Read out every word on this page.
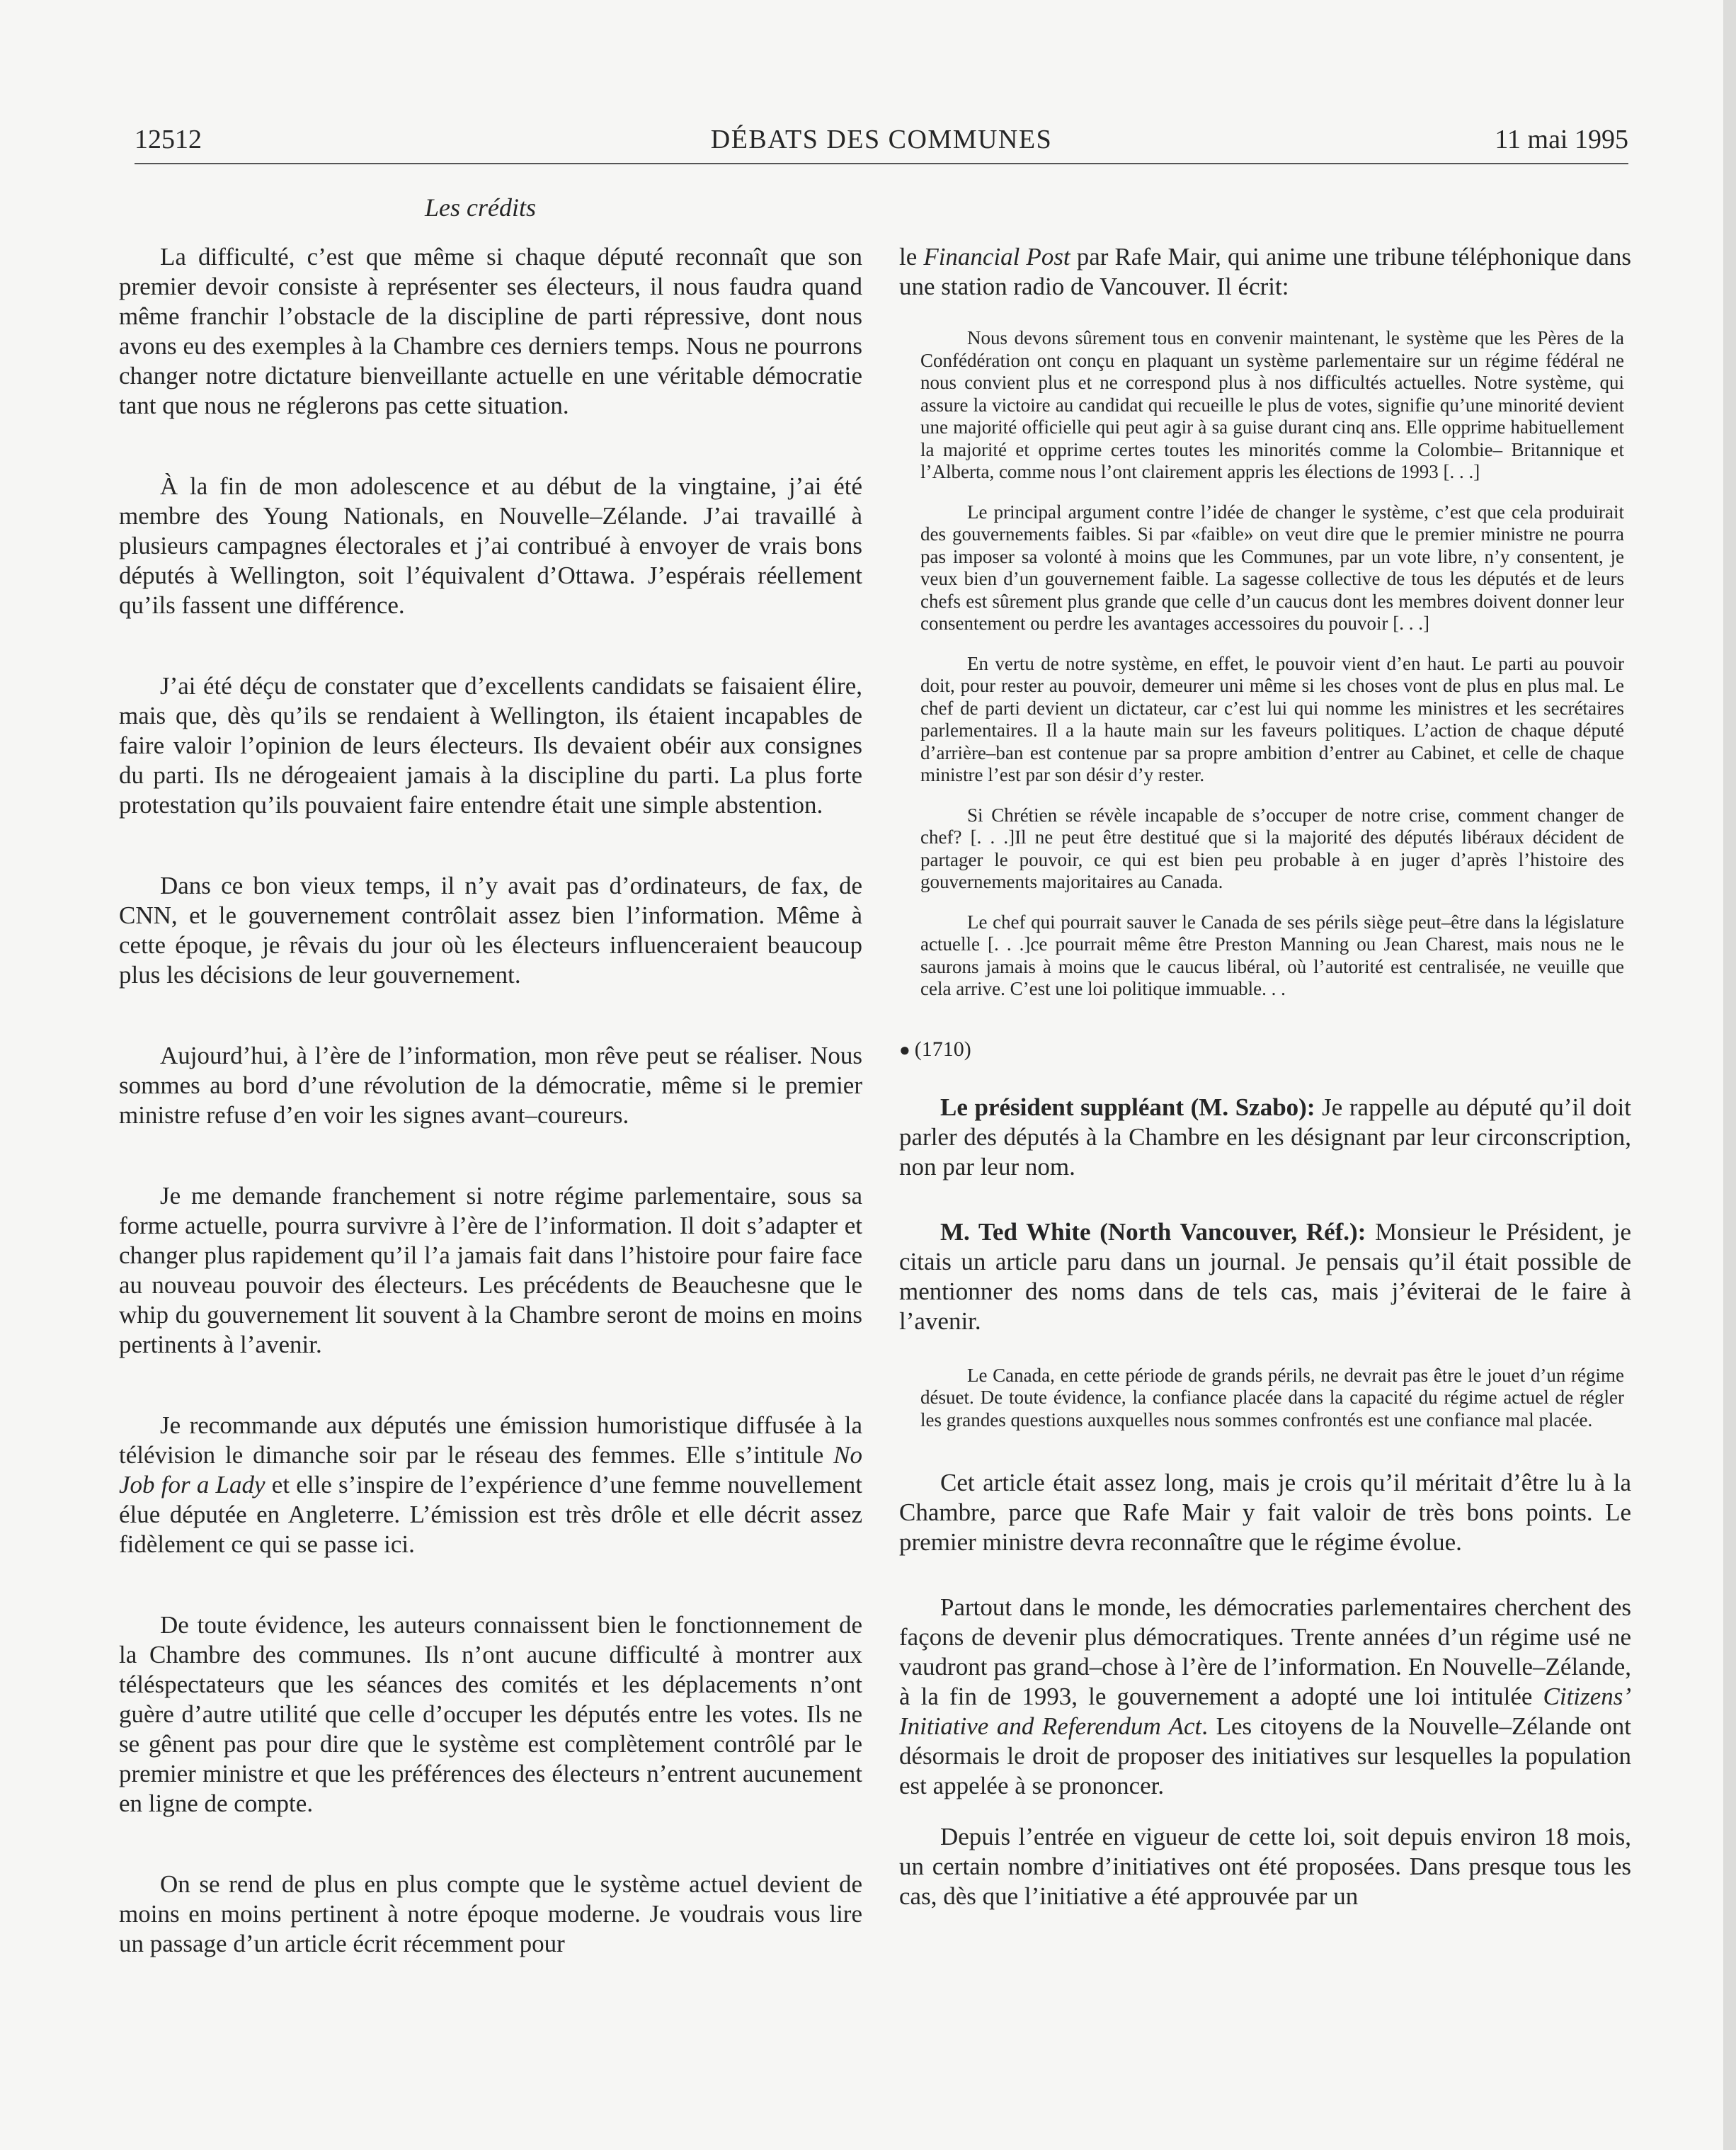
12512	DÉBATS DES COMMUNES	11 mai 1995
Les crédits

La difficulté, c’est que même si chaque député reconnaît que son premier devoir consiste à représenter ses électeurs, il nous faudra quand même franchir l’obstacle de la discipline de parti répressive, dont nous avons eu des exemples à la Chambre ces derniers temps. Nous ne pourrons changer notre dictature bienveillante actuelle en une véritable démocratie tant que nous ne réglerons pas cette situation.

À la fin de mon adolescence et au début de la vingtaine, j’ai été membre des Young Nationals, en Nouvelle–Zélande. J’ai travaillé à plusieurs campagnes électorales et j’ai contribué à envoyer de vrais bons députés à Wellington, soit l’équivalent d’Ottawa. J’espérais réellement qu’ils fassent une différence.

J’ai été déçu de constater que d’excellents candidats se faisaient élire, mais que, dès qu’ils se rendaient à Wellington, ils étaient incapables de faire valoir l’opinion de leurs électeurs. Ils devaient obéir aux consignes du parti. Ils ne dérogeaient jamais à la discipline du parti. La plus forte protestation qu’ils pouvaient faire entendre était une simple abstention.

Dans ce bon vieux temps, il n’y avait pas d’ordinateurs, de fax, de CNN, et le gouvernement contrôlait assez bien l’information. Même à cette époque, je rêvais du jour où les électeurs influenceraient beaucoup plus les décisions de leur gouvernement.

Aujourd’hui, à l’ère de l’information, mon rêve peut se réaliser. Nous sommes au bord d’une révolution de la démocratie, même si le premier ministre refuse d’en voir les signes avant–coureurs.

Je me demande franchement si notre régime parlementaire, sous sa forme actuelle, pourra survivre à l’ère de l’information. Il doit s’adapter et changer plus rapidement qu’il l’a jamais fait dans l’histoire pour faire face au nouveau pouvoir des électeurs. Les précédents de Beauchesne que le whip du gouvernement lit souvent à la Chambre seront de moins en moins pertinents à l’avenir.

Je recommande aux députés une émission humoristique diffusée à la télévision le dimanche soir par le réseau des femmes. Elle s’intitule No Job for a Lady et elle s’inspire de l’expérience d’une femme nouvellement élue députée en Angleterre. L’émission est très drôle et elle décrit assez fidèlement ce qui se passe ici.

De toute évidence, les auteurs connaissent bien le fonctionnement de la Chambre des communes. Ils n’ont aucune difficulté à montrer aux téléspectateurs que les séances des comités et les déplacements n’ont guère d’autre utilité que celle d’occuper les députés entre les votes. Ils ne se gênent pas pour dire que le système est complètement contrôlé par le premier ministre et que les préférences des électeurs n’entrent aucunement en ligne de compte.

On se rend de plus en plus compte que le système actuel devient de moins en moins pertinent à notre époque moderne. Je voudrais vous lire un passage d’un article écrit récemment pour

le Financial Post par Rafe Mair, qui anime une tribune téléphonique dans une station radio de Vancouver. Il écrit:

Nous devons sûrement tous en convenir maintenant, le système que les Pères de la Confédération ont conçu en plaquant un système parlementaire sur un régime fédéral ne nous convient plus et ne correspond plus à nos difficultés actuelles. Notre système, qui assure la victoire au candidat qui recueille le plus de votes, signifie qu’une minorité devient une majorité officielle qui peut agir à sa guise durant cinq ans. Elle opprime habituellement la majorité et opprime certes toutes les minorités comme la Colombie– Britannique et l’Alberta, comme nous l’ont clairement appris les élections de 1993 [. . .]

Le principal argument contre l’idée de changer le système, c’est que cela produirait des gouvernements faibles. Si par «faible» on veut dire que le premier ministre ne pourra pas imposer sa volonté à moins que les Communes, par un vote libre, n’y consentent, je veux bien d’un gouvernement faible. La sagesse collective de tous les députés et de leurs chefs est sûrement plus grande que celle d’un caucus dont les membres doivent donner leur consentement ou perdre les avantages accessoires du pouvoir [. . .]

En vertu de notre système, en effet, le pouvoir vient d’en haut. Le parti au pouvoir doit, pour rester au pouvoir, demeurer uni même si les choses vont de plus en plus mal. Le chef de parti devient un dictateur, car c’est lui qui nomme les ministres et les secrétaires parlementaires. Il a la haute main sur les faveurs politiques. L’action de chaque député d’arrière–ban est contenue par sa propre ambition d’entrer au Cabinet, et celle de chaque ministre l’est par son désir d’y rester.

Si Chrétien se révèle incapable de s’occuper de notre crise, comment changer de chef? [. . .]Il ne peut être destitué que si la majorité des députés libéraux décident de partager le pouvoir, ce qui est bien peu probable à en juger d’après l’histoire des gouvernements majoritaires au Canada.

Le chef qui pourrait sauver le Canada de ses périls siège peut–être dans la législature actuelle [. . .]ce pourrait même être Preston Manning ou Jean Charest, mais nous ne le saurons jamais à moins que le caucus libéral, où l’autorité est centralisée, ne veuille que cela arrive. C’est une loi politique immuable. . .

● (1710)

Le président suppléant (M. Szabo): Je rappelle au député qu’il doit parler des députés à la Chambre en les désignant par leur circonscription, non par leur nom.

M. Ted White (North Vancouver, Réf.): Monsieur le Président, je citais un article paru dans un journal. Je pensais qu’il était possible de mentionner des noms dans de tels cas, mais j’éviterai de le faire à l’avenir.

Le Canada, en cette période de grands périls, ne devrait pas être le jouet d’un régime désuet. De toute évidence, la confiance placée dans la capacité du régime actuel de régler les grandes questions auxquelles nous sommes confrontés est une confiance mal placée.

Cet article était assez long, mais je crois qu’il méritait d’être lu à la Chambre, parce que Rafe Mair y fait valoir de très bons points. Le premier ministre devra reconnaître que le régime évolue.

Partout dans le monde, les démocraties parlementaires cherchent des façons de devenir plus démocratiques. Trente années d’un régime usé ne vaudront pas grand–chose à l’ère de l’information. En Nouvelle–Zélande, à la fin de 1993, le gouvernement a adopté une loi intitulée Citizens’ Initiative and Referendum Act. Les citoyens de la Nouvelle–Zélande ont désormais le droit de proposer des initiatives sur lesquelles la population est appelée à se prononcer.

Depuis l’entrée en vigueur de cette loi, soit depuis environ 18 mois, un certain nombre d’initiatives ont été proposées. Dans presque tous les cas, dès que l’initiative a été approuvée par un
